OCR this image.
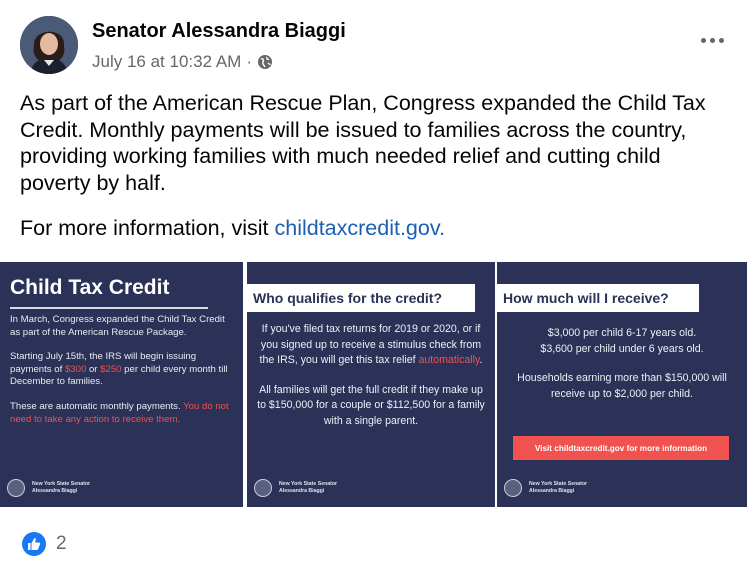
Senator Alessandra Biaggi
July 16 at 10:32 AM ·
As part of the American Rescue Plan, Congress expanded the Child Tax Credit. Monthly payments will be issued to families across the country, providing working families with much needed relief and cutting child poverty by half.
For more information, visit childtaxcredit.gov.
Child Tax Credit

In March, Congress expanded the Child Tax Credit as part of the American Rescue Package.

Starting July 15th, the IRS will begin issuing payments of $300 or $250 per child every month till December to families.

These are automatic monthly payments. You do not need to take any action to receive them.

New York State Senator
Alessandra Biaggi
Who qualifies for the credit?

If you've filed tax returns for 2019 or 2020, or if you signed up to receive a stimulus check from the IRS, you will get this tax relief automatically.

All families will get the full credit if they make up to $150,000 for a couple or $112,500 for a family with a single parent.

New York State Senator
Alessandra Biaggi
How much will I receive?

$3,000 per child 6-17 years old.
$3,600 per child under 6 years old.

Households earning more than $150,000 will receive up to $2,000 per child.

Visit childtaxcredit.gov for more information
New York State Senator
Alessandra Biaggi
2
